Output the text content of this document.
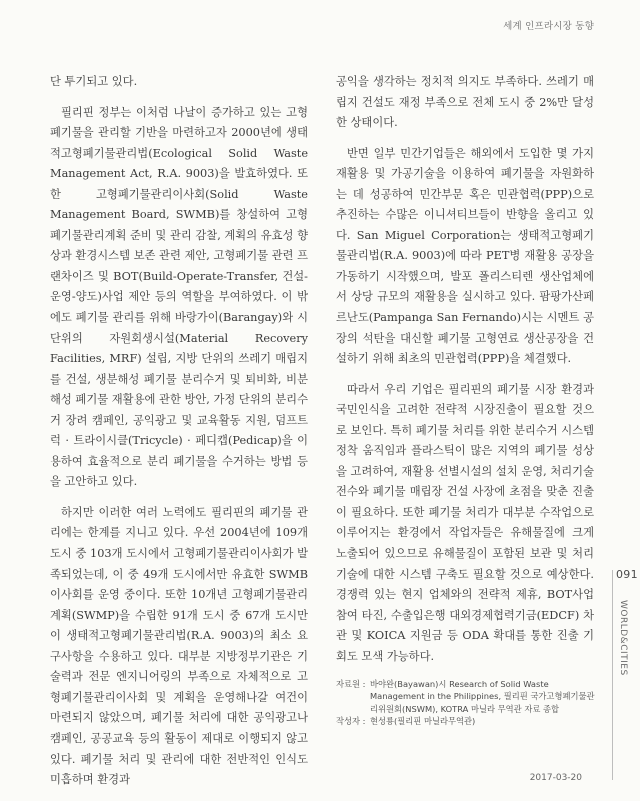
세계 인프라시장 동향

단 투기되고 있다.

필리핀 정부는 이처럼 나날이 증가하고 있는 고형폐기물을 관리할 기반을 마련하고자 2000년에 생태적고형폐기물관리법(Ecological Solid Waste Management Act, R.A. 9003)을 발효하였다. 또한 고형폐기물관리이사회(Solid Waste Management Board, SWMB)를 창설하여 고형폐기물관리계획 준비 및 관리 감찰, 계획의 유효성 향상과 환경시스템 보존 관련 제안, 고형폐기물 관련 프랜차이즈 및 BOT(Build-Operate-Transfer, 건설-운영-양도)사업 제안 등의 역할을 부여하였다. 이 밖에도 폐기물 관리를 위해 바랑가이(Barangay)와 시 단위의 자원회생시설(Material Recovery Facilities, MRF) 설립, 지방 단위의 쓰레기 매립지를 건설, 생분해성 폐기물 분리수거 및 퇴비화, 비분해성 폐기물 재활용에 관한 방안, 가정 단위의 분리수거 장려 캠페인, 공익광고 및 교육활동 지원, 덤프트럭 · 트라이시클(Tricycle) · 페디캡(Pedicap)을 이용하여 효율적으로 분리 폐기물을 수거하는 방법 등을 고안하고 있다.

하지만 이러한 여러 노력에도 필리핀의 폐기물 관리에는 한계를 지니고 있다. 우선 2004년에 109개 도시 중 103개 도시에서 고형폐기물관리이사회가 발족되었는데, 이 중 49개 도시에서만 유효한 SWMB 이사회를 운영 중이다. 또한 10개년 고형폐기물관리계획(SWMP)을 수립한 91개 도시 중 67개 도시만이 생태적고형폐기물관리법(R.A. 9003)의 최소 요구사항을 수용하고 있다. 대부분 지방정부기관은 기술력과 전문 엔지니어링의 부족으로 자체적으로 고형폐기물관리이사회 및 계획을 운영해나갈 여건이 마련되지 않았으며, 폐기물 처리에 대한 공익광고나 캠페인, 공공교육 등의 활동이 제대로 이행되지 않고 있다. 폐기물 처리 및 관리에 대한 전반적인 인식도 미흡하며 환경과

공익을 생각하는 정치적 의지도 부족하다. 쓰레기 매립지 건설도 재정 부족으로 전체 도시 중 2%만 달성한 상태이다.

반면 일부 민간기업들은 해외에서 도입한 몇 가지 재활용 및 가공기술을 이용하여 폐기물을 자원화하는 데 성공하여 민간부문 혹은 민관협력(PPP)으로 추진하는 수많은 이니셔티브들이 반향을 올리고 있다. San Miguel Corporation는 생태적고형폐기물관리법(R.A. 9003)에 따라 PET병 재활용 공장을 가동하기 시작했으며, 발포 폴리스티렌 생산업체에서 상당 규모의 재활용을 실시하고 있다. 팜팡가산페르난도(Pampanga San Fernando)시는 시멘트 공장의 석탄을 대신할 폐기물 고형연료 생산공장을 건설하기 위해 최초의 민관협력(PPP)을 체결했다.

따라서 우리 기업은 필리핀의 폐기물 시장 환경과 국민인식을 고려한 전략적 시장진출이 필요할 것으로 보인다. 특히 폐기물 처리를 위한 분리수거 시스템 정착 움직임과 플라스틱이 많은 지역의 폐기물 성상을 고려하여, 재활용 선별시설의 설치 운영, 처리기술 전수와 폐기물 매립장 건설 사장에 초점을 맞춘 진출이 필요하다. 또한 폐기물 처리가 대부분 수작업으로 이루어지는 환경에서 작업자들은 유해물질에 크게 노출되어 있으므로 유해물질이 포함된 보관 및 처리기술에 대한 시스템 구축도 필요할 것으로 예상한다. 경쟁력 있는 현지 업체와의 전략적 제휴, BOT사업 참여 타진, 수출입은행 대외경제협력기금(EDCF) 차관 및 KOICA 지원금 등 ODA 확대를 통한 진출 기회도 모색 가능하다.

자료원 : 바야완(Bayawan)시 Research of Solid Waste Management in the Philippines, 필리핀 국가고형폐기물관리위원회(NSWM), KOTRA 마닐라 무역관 자료 종합
작성자 : 현성룡(필리핀 마닐라무역관)
2017-03-20
091
WORLD&CITIES
